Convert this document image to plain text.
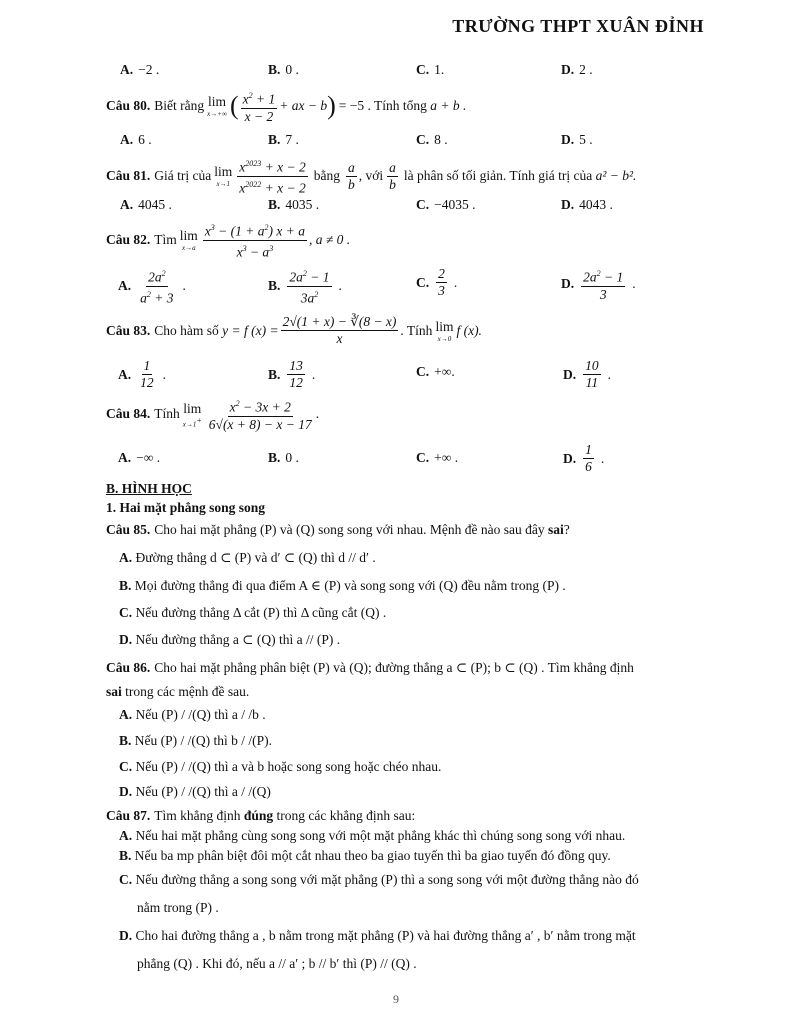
TRƯỜNG THPT XUÂN ĐỈNH
A. −2 .	B. 0 .	C. 1.	D. 2 .
Câu 80. Biết rằng lim
x→+∞ ( $\frac{x^2 + 1}{x - 2}$ + ax − b ) = −5 . Tính tổng
a + b .
A. 6 .	B. 7 .	C. 8 .	D. 5 .
Câu 81. Giá trị của lim
$x\to 1 \frac{x^{2023} + x - 2}{x^{2022} + x - 2}$ bằng $\frac{a}{b}$ , với $\frac{a}{b}$ là phân số tối giản. Tính giá trị của
a² − b².
A. 4045 .	B. 4035 .	C. −4035 .	D. 4043 .
Câu 82. Tìm lim
$x\to a \frac{x^3 - (1 + a^2) x + a}{x^3 - a^3}$ , a ≠ 0 .
A. $\frac{2a^2}{a^2 + 3}$ .	B. $\frac{2a^2 - 1}{3a^2}$ .	C. $\frac{2}{3}$ .	D. $\frac{2a^2 - 1}{3}$ .
Câu 83. Cho hàm số
y = f $(x) = \frac{2√(1 + x) - ∛(8 - x)}{x}$ . Tính lim
x→0
f (x).
A. $\frac{1}{12}$ .	B. $\frac{13}{12}$ .	C. +∞.	D. $\frac{10}{11}$ .
Câu 84. Tính lim
$x\to 1^+ \frac{x^2 - 3x + 2}{6√(x + 8) - x - 17}$ .
A. −∞ .	B. 0 .	C. +∞ .	D. $\frac{1}{6}$ .
B. HÌNH HỌC
1. Hai mặt phẳng song song
Câu 85. Cho hai mặt phẳng (P) và (Q) song song với nhau. Mệnh đề nào sau đây
sai ?
A. Đường thẳng d ⊂ (P) và d′ ⊂ (Q) thì d // d′ .
B. Mọi đường thẳng đi qua điểm A ∈ (P) và song song với (Q) đều nằm trong (P) .
C. Nếu đường thẳng Δ cắt (P) thì Δ cũng cắt (Q) .
D. Nếu đường thẳng a ⊂ (Q) thì a // (P) .
Câu 86. Cho hai mặt phẳng phân biệt (P) và (Q); đường thẳng a ⊂ (P); b ⊂ (Q) . Tìm khẳng định
sai
trong các mệnh đề sau.
A. Nếu (P) / /(Q) thì a / /b .
B. Nếu (P) / /(Q) thì b / /(P).
C. Nếu (P) / /(Q) thì a và b hoặc song song hoặc chéo nhau.
D. Nếu (P) / /(Q) thì a / /(Q)
Câu 87. Tìm khẳng định
đúng
trong các khẳng định sau:
A. Nếu hai mặt phẳng cùng song song với một mặt phẳng khác thì chúng song song với nhau.
B. Nếu ba mp phân biệt đôi một cắt nhau theo ba giao tuyến thì ba giao tuyến đó đồng quy.
C. Nếu đường thẳng a song song với mặt phẳng (P) thì a song song với một đường thẳng nào đó
nằm trong (P) .
D. Cho hai đường thẳng a , b nằm trong mặt phẳng (P) và hai đường thẳng a′ , b′ nằm trong mặt
phẳng (Q) . Khi đó, nếu a // a′ ; b // b′ thì (P) // (Q) .
9
